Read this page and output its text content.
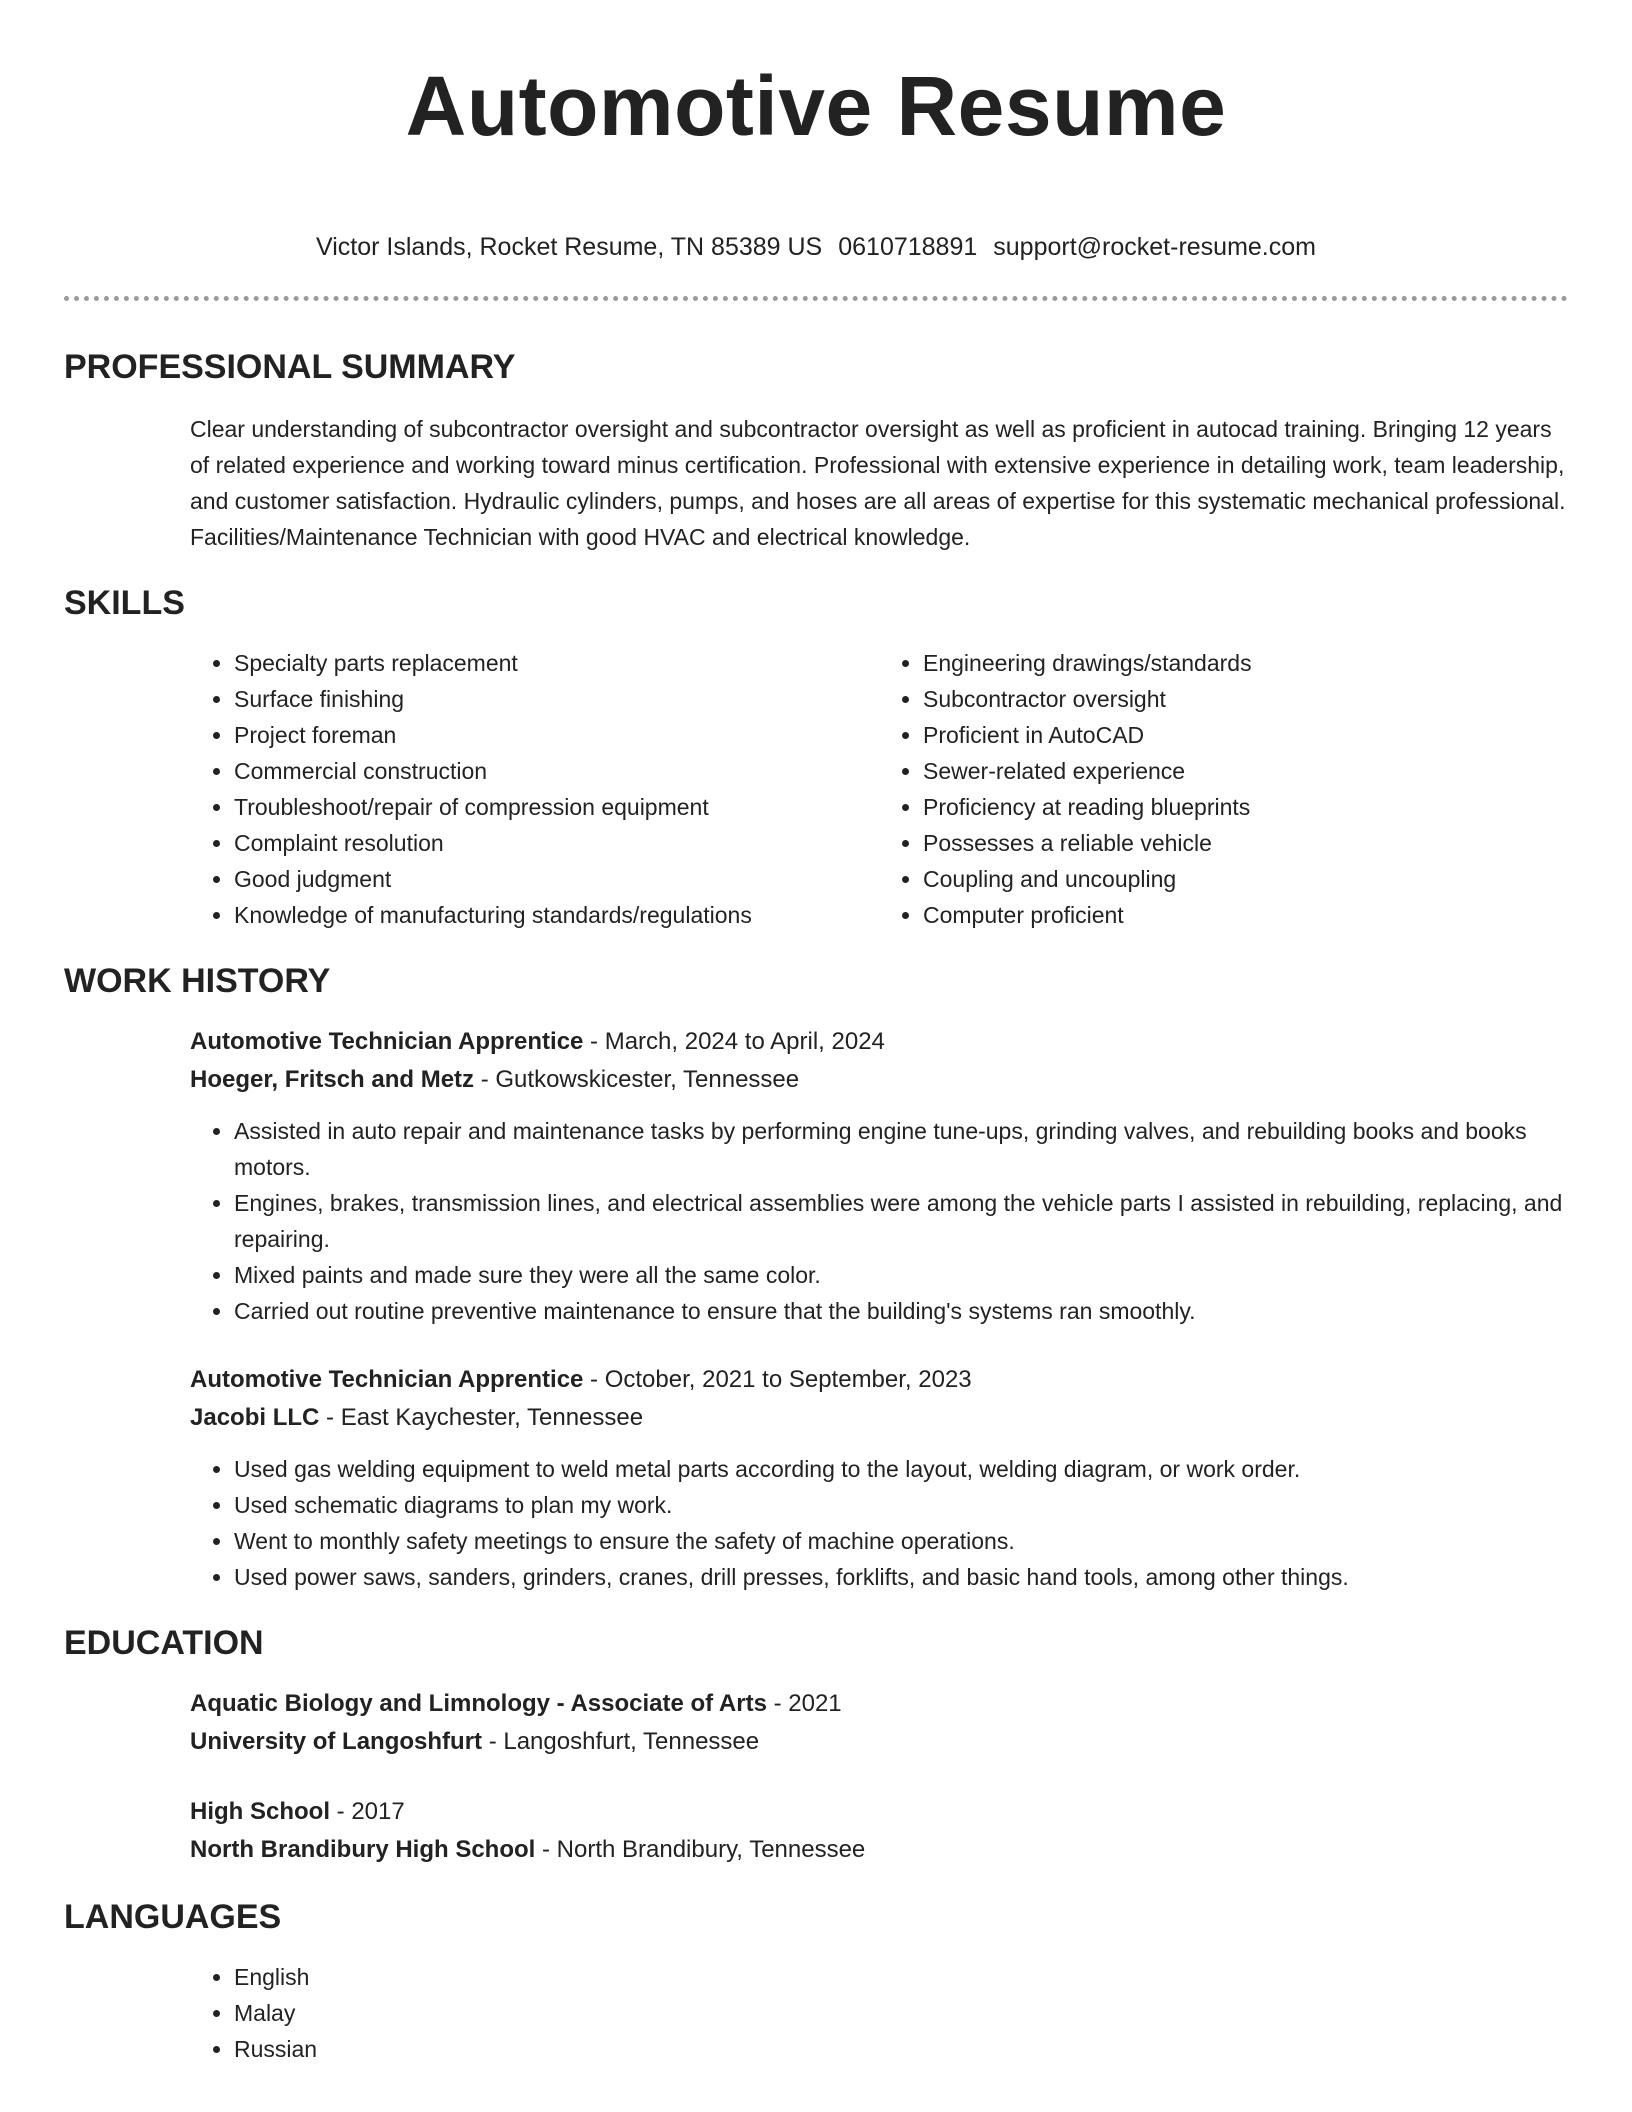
Automotive Resume
Victor Islands, Rocket Resume, TN 85389 US 0610718891 support@rocket-resume.com
PROFESSIONAL SUMMARY

Clear understanding of subcontractor oversight and subcontractor oversight as well as proficient in autocad training. Bringing 12 years of related experience and working toward minus certification. Professional with extensive experience in detailing work, team leadership, and customer satisfaction. Hydraulic cylinders, pumps, and hoses are all areas of expertise for this systematic mechanical professional. Facilities/Maintenance Technician with good HVAC and electrical knowledge.

SKILLS
• Specialty parts replacement
• Surface finishing
• Project foreman
• Commercial construction
• Troubleshoot/repair of compression equipment
• Complaint resolution
• Good judgment
• Knowledge of manufacturing standards/regulations
• Engineering drawings/standards
• Subcontractor oversight
• Proficient in AutoCAD
• Sewer-related experience
• Proficiency at reading blueprints
• Possesses a reliable vehicle
• Coupling and uncoupling
• Computer proficient
WORK HISTORY
Automotive Technician Apprentice - March, 2024 to April, 2024
Hoeger, Fritsch and Metz - Gutkowskicester, Tennessee
• Assisted in auto repair and maintenance tasks by performing engine tune-ups, grinding valves, and rebuilding books and books motors.
• Engines, brakes, transmission lines, and electrical assemblies were among the vehicle parts I assisted in rebuilding, replacing, and repairing.
• Mixed paints and made sure they were all the same color.
• Carried out routine preventive maintenance to ensure that the building's systems ran smoothly.
Automotive Technician Apprentice - October, 2021 to September, 2023
Jacobi LLC - East Kaychester, Tennessee
• Used gas welding equipment to weld metal parts according to the layout, welding diagram, or work order.
• Used schematic diagrams to plan my work.
• Went to monthly safety meetings to ensure the safety of machine operations.
• Used power saws, sanders, grinders, cranes, drill presses, forklifts, and basic hand tools, among other things.
EDUCATION
Aquatic Biology and Limnology - Associate of Arts - 2021
University of Langoshfurt - Langoshfurt, Tennessee
High School - 2017
North Brandibury High School - North Brandibury, Tennessee
LANGUAGES
• English
• Malay
• Russian
